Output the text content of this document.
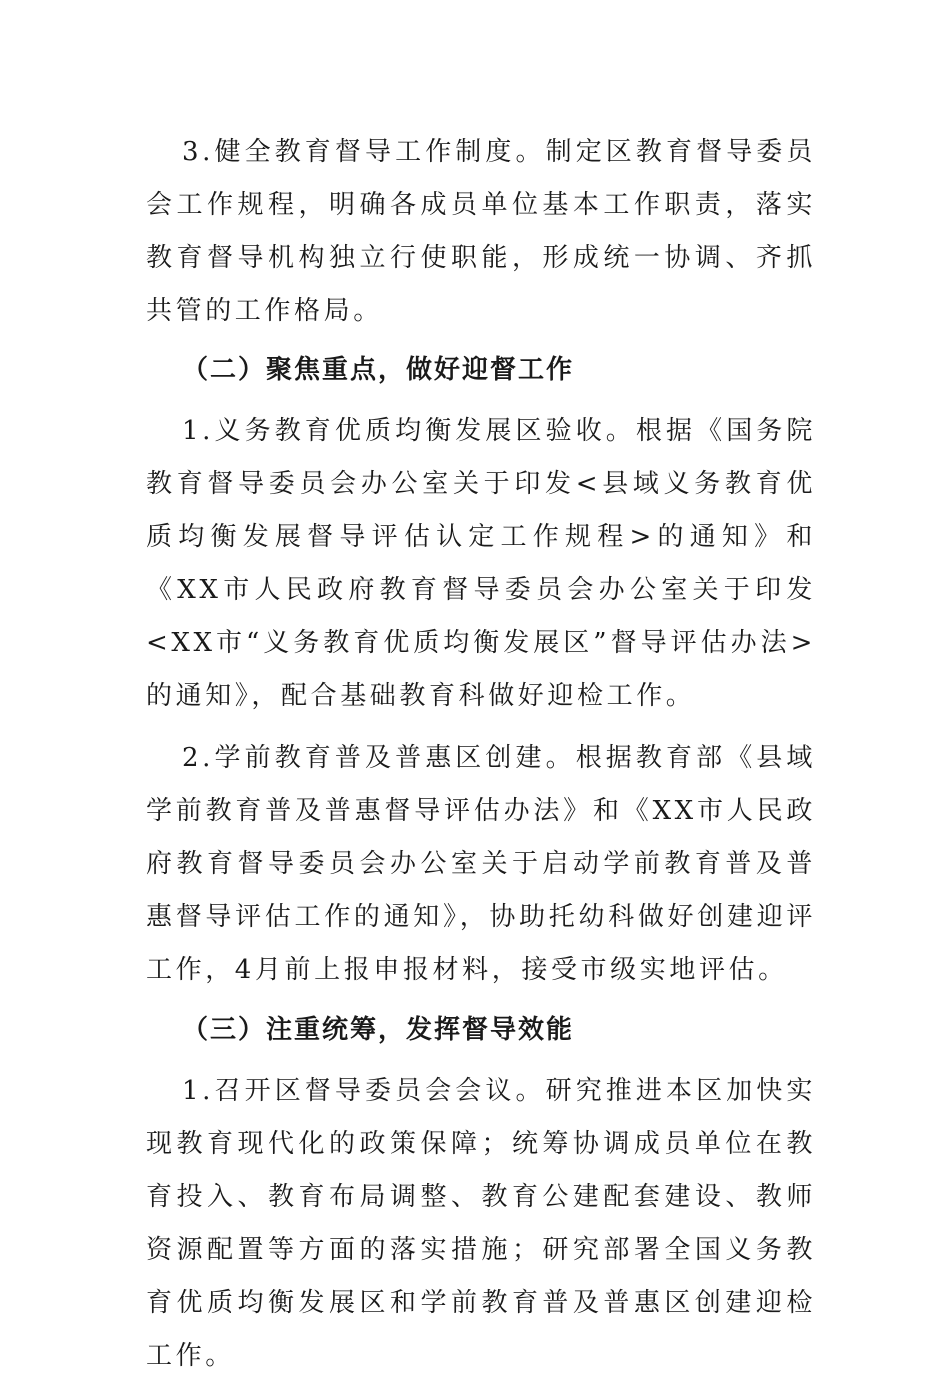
3.健全教育督导工作制度。制定区教育督导委员会工作规程，明确各成员单位基本工作职责，落实教育督导机构独立行使职能，形成统一协调、齐抓共管的工作格局。

（二）聚焦重点，做好迎督工作

1.义务教育优质均衡发展区验收。根据《国务院教育督导委员会办公室关于印发<县域义务教育优质均衡发展督导评估认定工作规程>的通知》和《XX市人民政府教育督导委员会办公室关于印发<XX市“义务教育优质均衡发展区”督导评估办法>的通知》，配合基础教育科做好迎检工作。

2.学前教育普及普惠区创建。根据教育部《县域学前教育普及普惠督导评估办法》和《XX市人民政府教育督导委员会办公室关于启动学前教育普及普惠督导评估工作的通知》，协助托幼科做好创建迎评工作，4月前上报申报材料，接受市级实地评估。

（三）注重统筹，发挥督导效能

1.召开区督导委员会会议。研究推进本区加快实现教育现代化的政策保障；统筹协调成员单位在教育投入、教育布局调整、教育公建配套建设、教师资源配置等方面的落实措施；研究部署全国义务教育优质均衡发展区和学前教育普及普惠区创建迎检工作。
